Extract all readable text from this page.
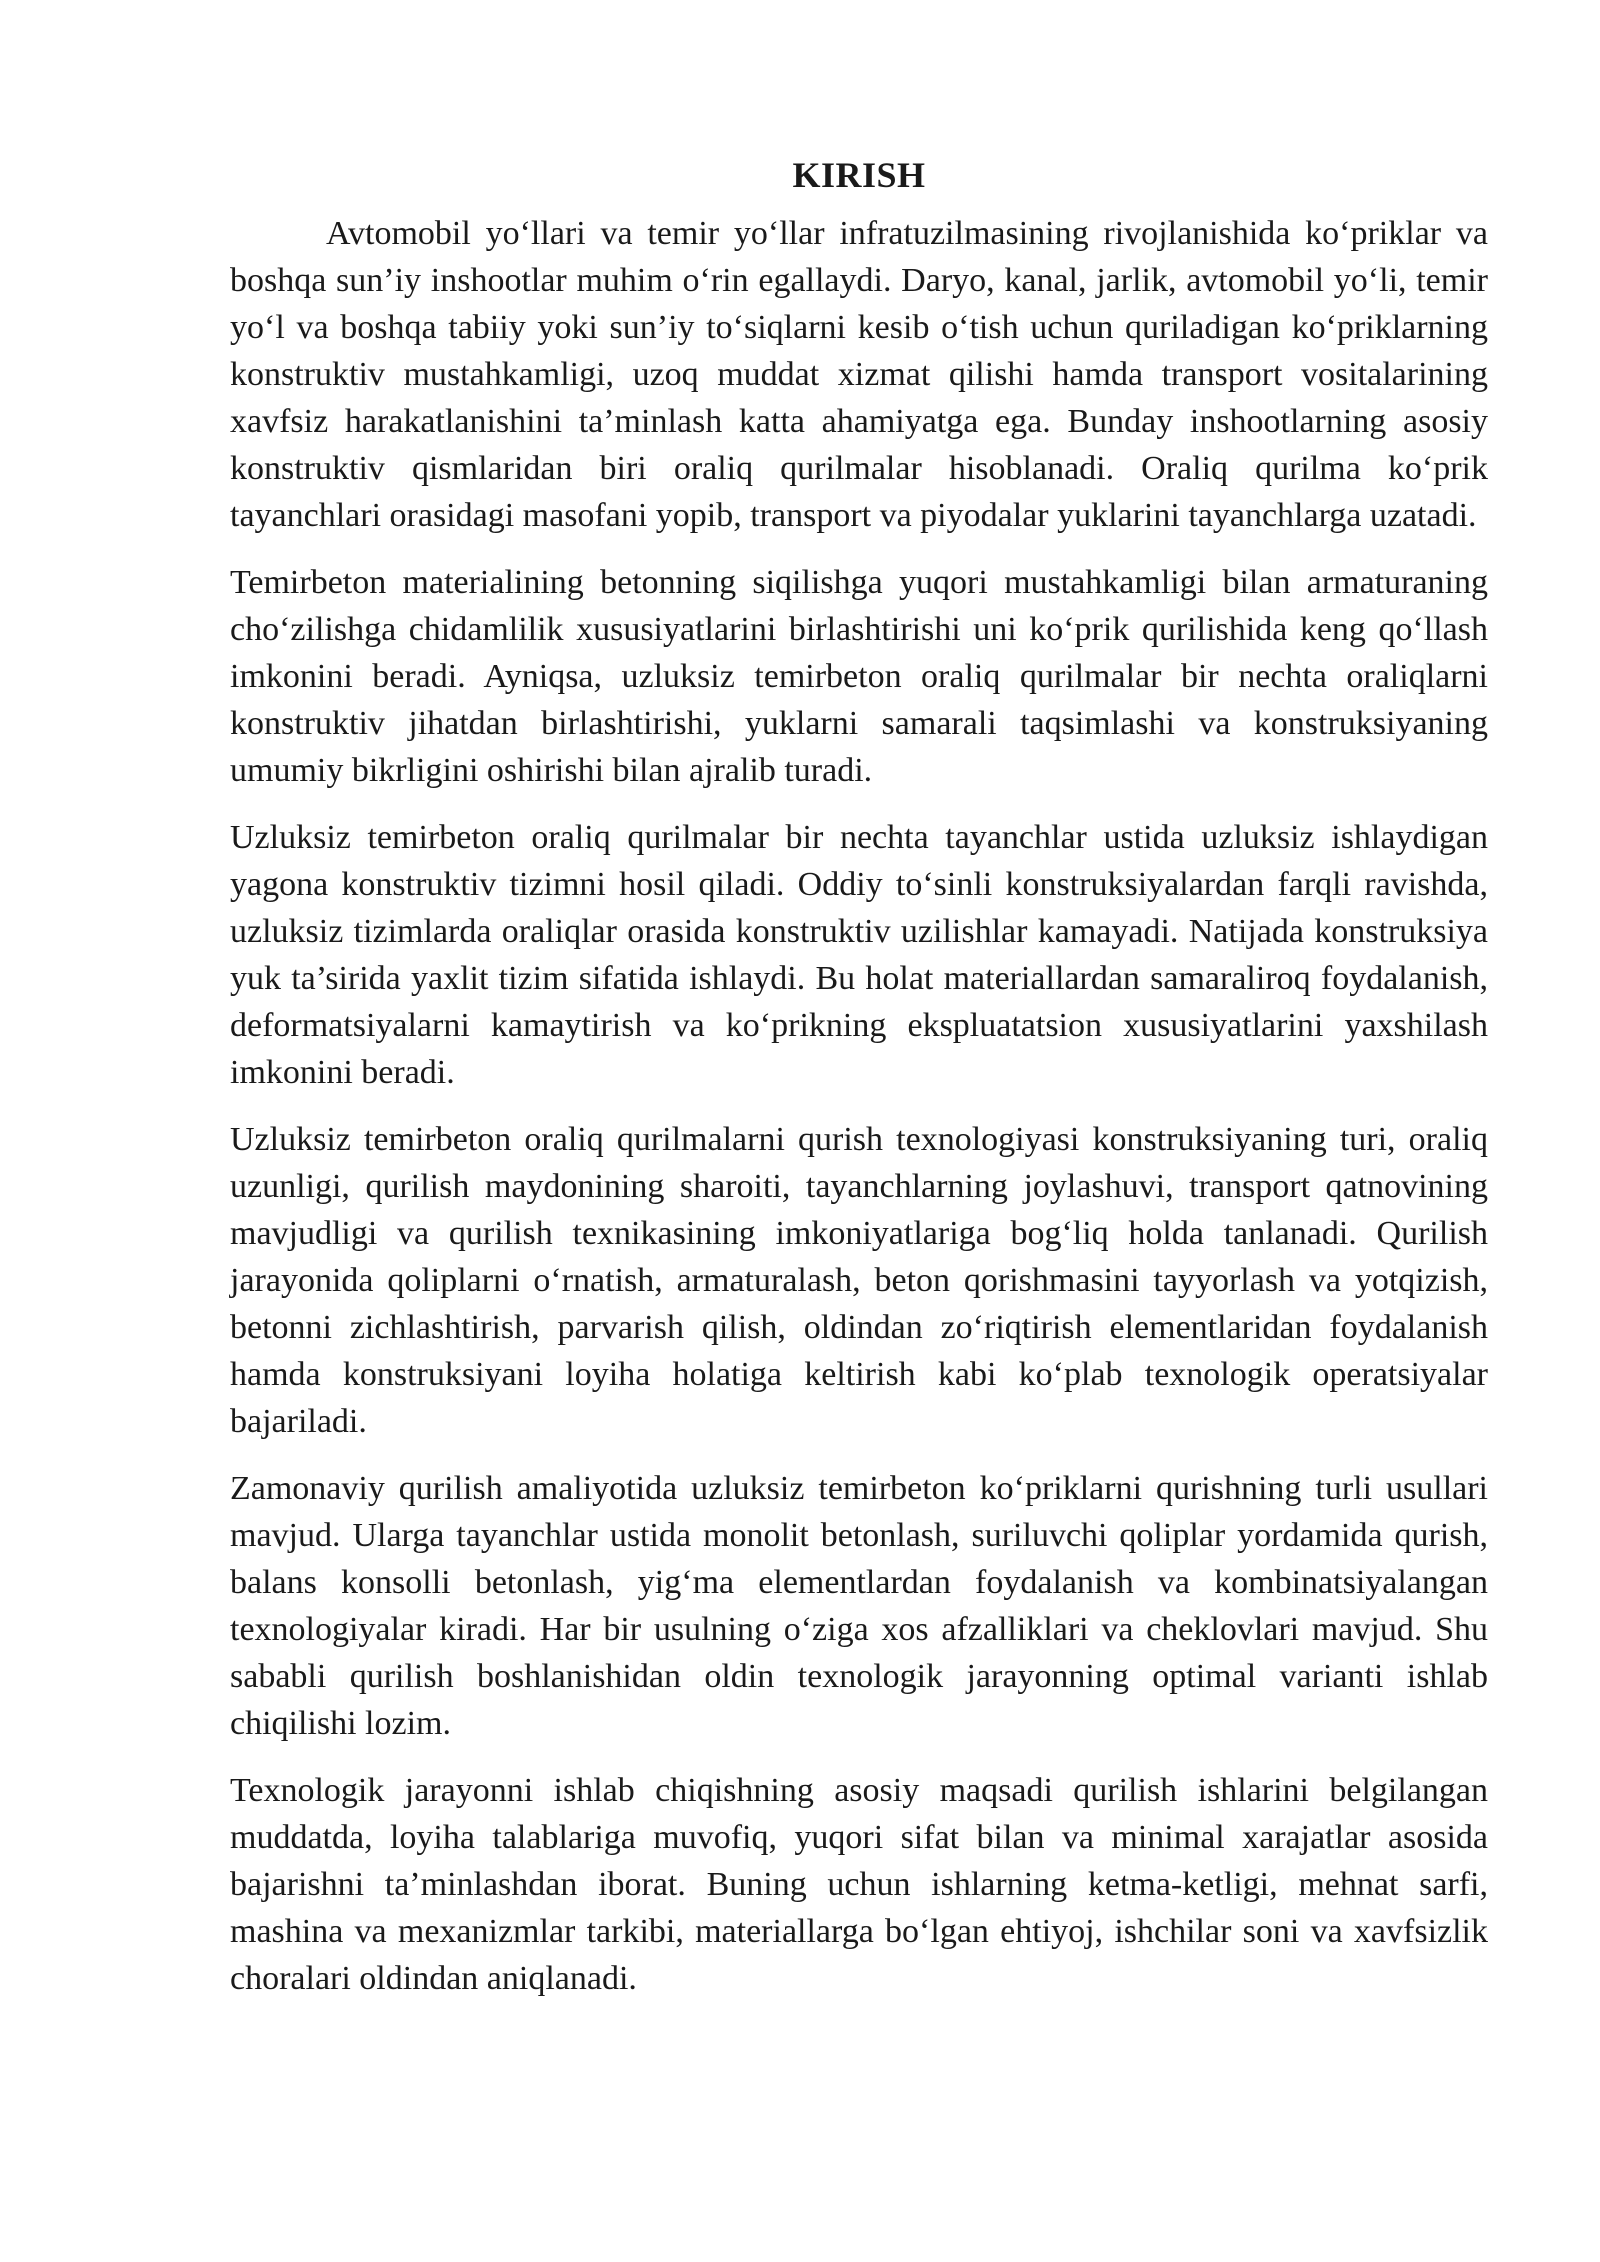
KIRISH

Avtomobil yo‘llari va temir yo‘llar infratuzilmasining rivojlanishida ko‘priklar va boshqa sun’iy inshootlar muhim o‘rin egallaydi. Daryo, kanal, jarlik, avtomobil yo‘li, temir yo‘l va boshqa tabiiy yoki sun’iy to‘siqlarni kesib o‘tish uchun quriladigan ko‘priklarning konstruktiv mustahkamligi, uzoq muddat xizmat qilishi hamda transport vositalarining xavfsiz harakatlanishini ta’minlash katta ahamiyatga ega. Bunday inshootlarning asosiy konstruktiv qismlaridan biri oraliq qurilmalar hisoblanadi. Oraliq qurilma ko‘prik tayanchlari orasidagi masofani yopib, transport va piyodalar yuklarini tayanchlarga uzatadi.

Temirbeton materialining betonning siqilishga yuqori mustahkamligi bilan armaturaning cho‘zilishga chidamlilik xususiyatlarini birlashtirishi uni ko‘prik qurilishida keng qo‘llash imkonini beradi. Ayniqsa, uzluksiz temirbeton oraliq qurilmalar bir nechta oraliqlarni konstruktiv jihatdan birlashtirishi, yuklarni samarali taqsimlashi va konstruksiyaning umumiy bikrligini oshirishi bilan ajralib turadi.

Uzluksiz temirbeton oraliq qurilmalar bir nechta tayanchlar ustida uzluksiz ishlaydigan yagona konstruktiv tizimni hosil qiladi. Oddiy to‘sinli konstruksiyalardan farqli ravishda, uzluksiz tizimlarda oraliqlar orasida konstruktiv uzilishlar kamayadi. Natijada konstruksiya yuk ta’sirida yaxlit tizim sifatida ishlaydi. Bu holat materiallardan samaraliroq foydalanish, deformatsiyalarni kamaytirish va ko‘prikning ekspluatatsion xususiyatlarini yaxshilash imkonini beradi.

Uzluksiz temirbeton oraliq qurilmalarni qurish texnologiyasi konstruksiyaning turi, oraliq uzunligi, qurilish maydonining sharoiti, tayanchlarning joylashuvi, transport qatnovining mavjudligi va qurilish texnikasining imkoniyatlariga bog‘liq holda tanlanadi. Qurilish jarayonida qoliplarni o‘rnatish, armaturalash, beton qorishmasini tayyorlash va yotqizish, betonni zichlashtirish, parvarish qilish, oldindan zo‘riqtirish elementlaridan foydalanish hamda konstruksiyani loyiha holatiga keltirish kabi ko‘plab texnologik operatsiyalar bajariladi.

Zamonaviy qurilish amaliyotida uzluksiz temirbeton ko‘priklarni qurishning turli usullari mavjud. Ularga tayanchlar ustida monolit betonlash, suriluvchi qoliplar yordamida qurish, balans konsolli betonlash, yig‘ma elementlardan foydalanish va kombinatsiyalangan texnologiyalar kiradi. Har bir usulning o‘ziga xos afzalliklari va cheklovlari mavjud. Shu sababli qurilish boshlanishidan oldin texnologik jarayonning optimal varianti ishlab chiqilishi lozim.

Texnologik jarayonni ishlab chiqishning asosiy maqsadi qurilish ishlarini belgilangan muddatda, loyiha talablariga muvofiq, yuqori sifat bilan va minimal xarajatlar asosida bajarishni ta’minlashdan iborat. Buning uchun ishlarning ketma-ketligi, mehnat sarfi, mashina va mexanizmlar tarkibi, materiallarga bo‘lgan ehtiyoj, ishchilar soni va xavfsizlik choralari oldindan aniqlanadi.
